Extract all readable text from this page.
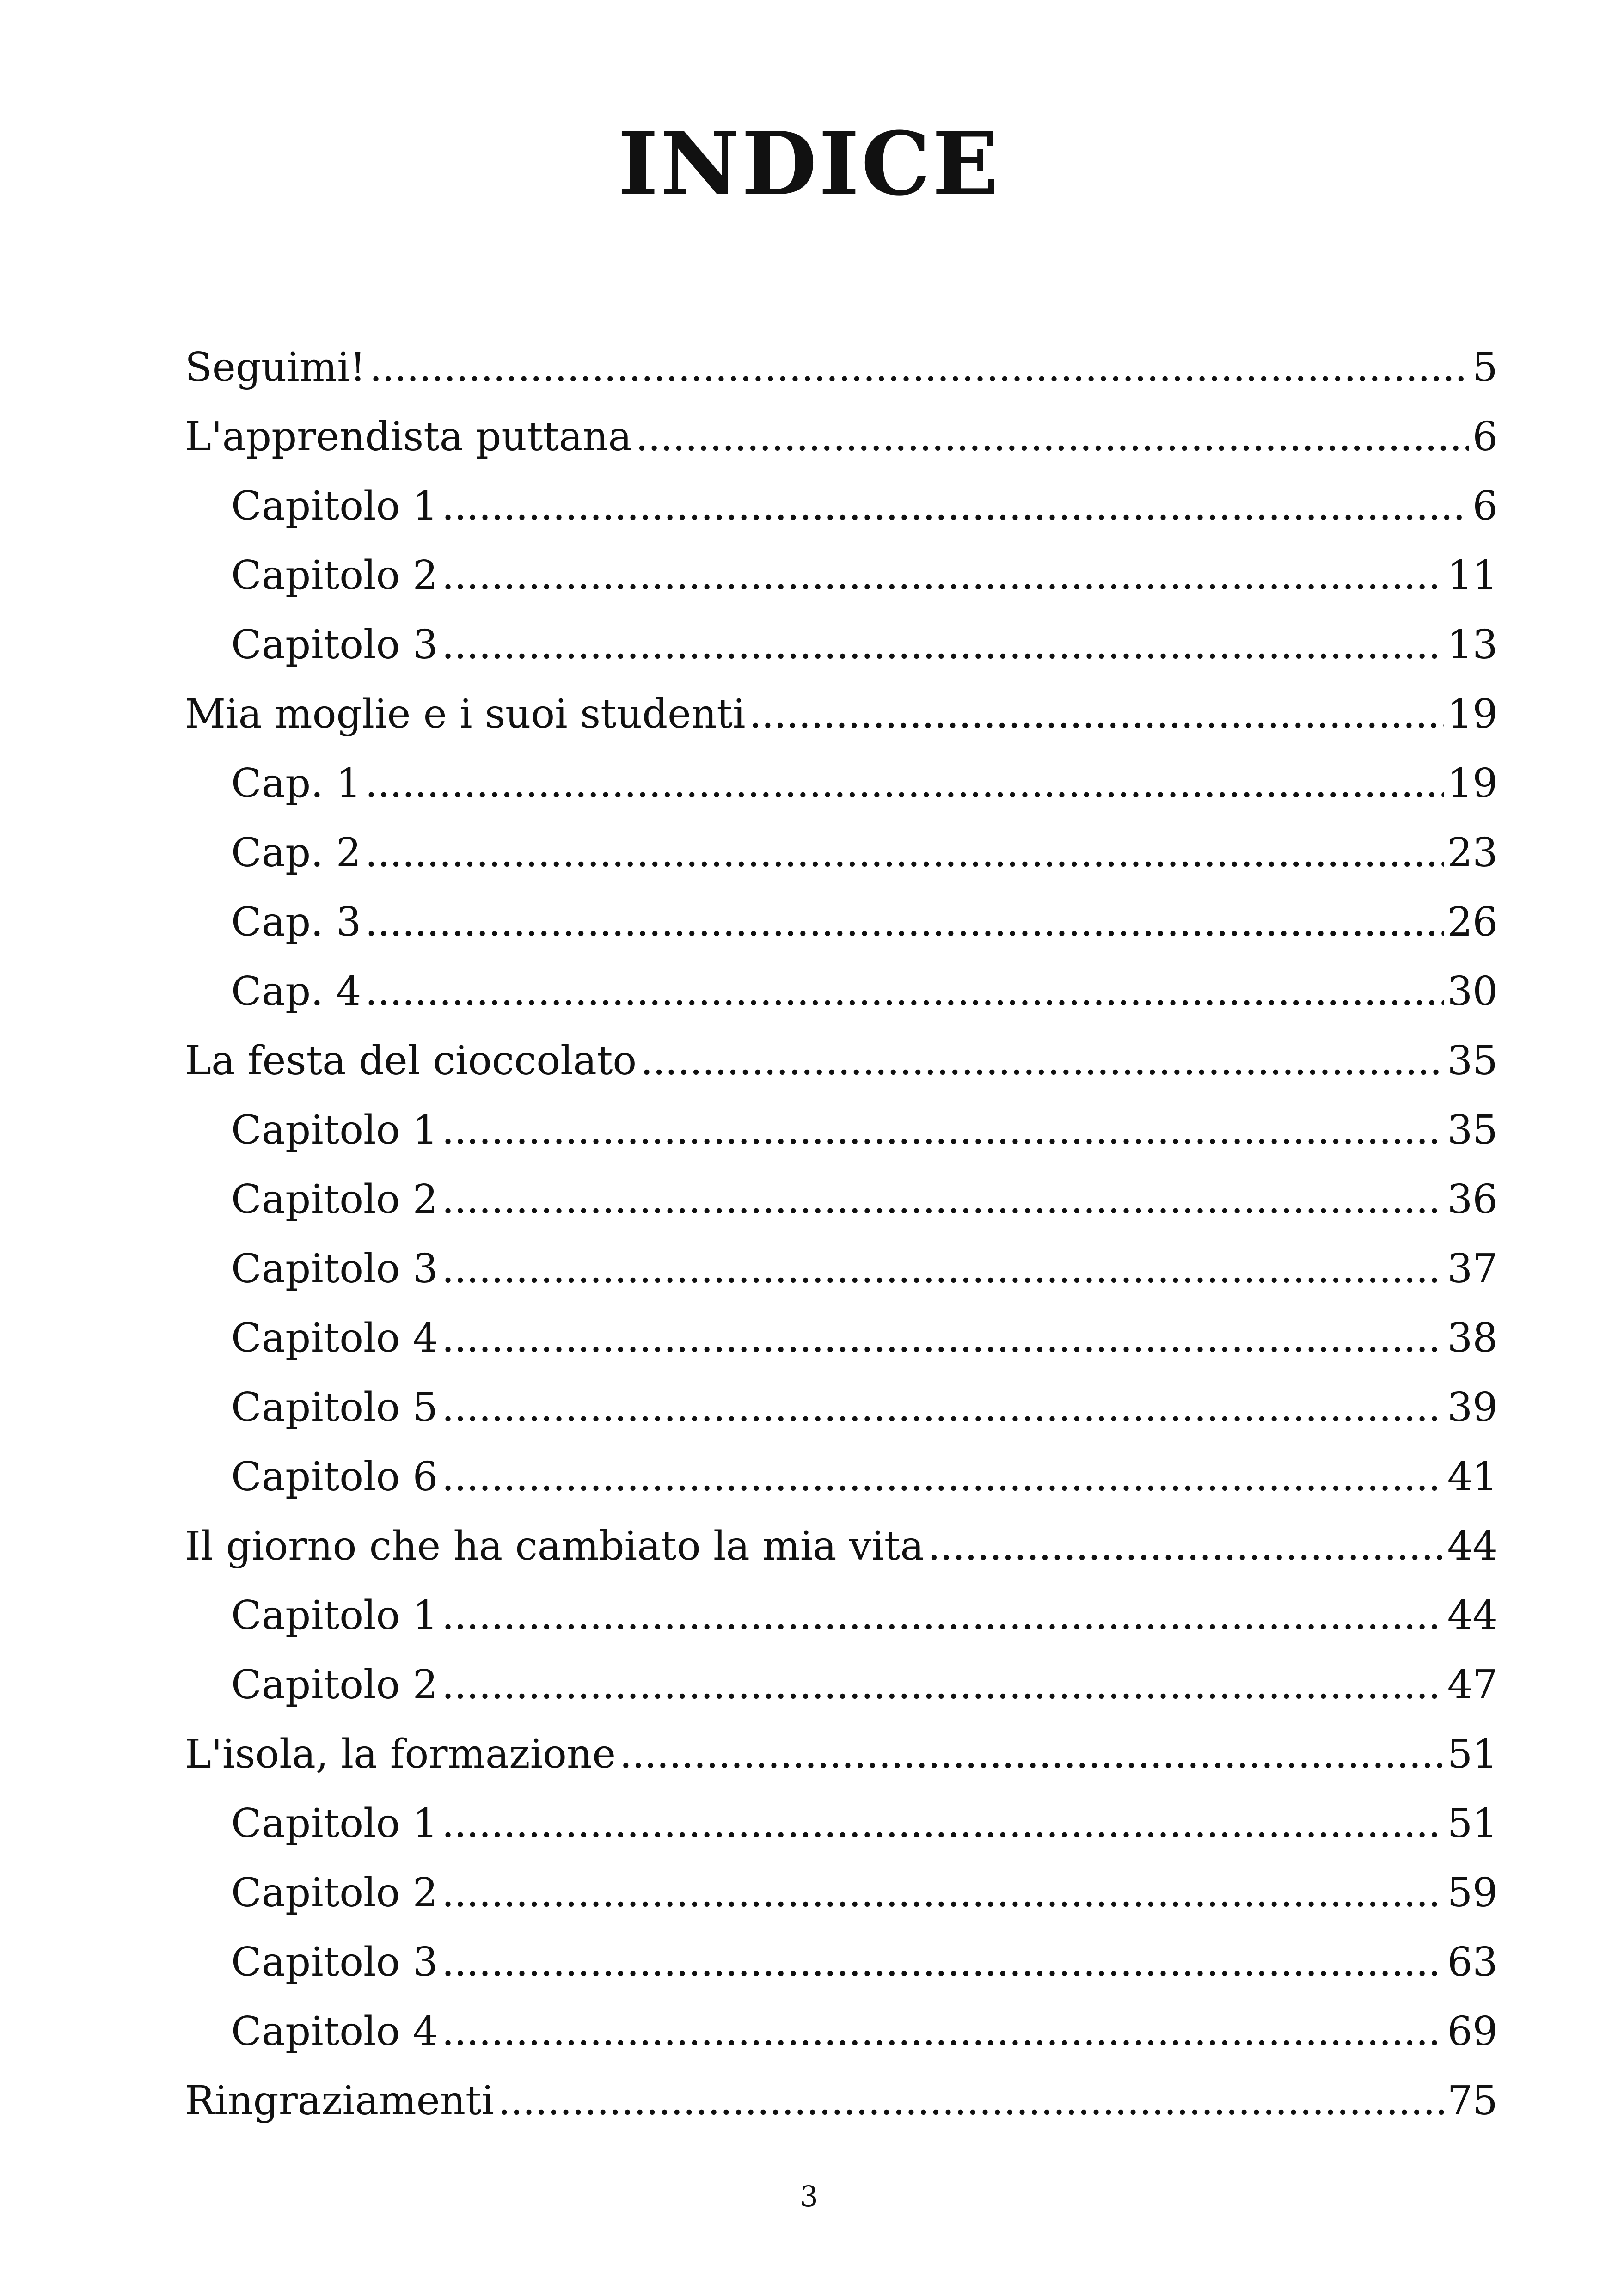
INDICE
Seguimi! . . .	5
L'apprendista puttana . . .	6
Capitolo 1 . . .	6
Capitolo 2 . . .	11
Capitolo 3 . . .	13
Mia moglie e i suoi studenti . . .	19
Cap. 1 . . .	19
Cap. 2 . . .	23
Cap. 3 . . .	26
Cap. 4 . . .	30
La festa del cioccolato . . .	35
Capitolo 1 . . .	35
Capitolo 2 . . .	36
Capitolo 3 . . .	37
Capitolo 4 . . .	38
Capitolo 5 . . .	39
Capitolo 6 . . .	41
Il giorno che ha cambiato la mia vita . . .	44
Capitolo 1 . . .	44
Capitolo 2 . . .	47
L'isola, la formazione . . .	51
Capitolo 1 . . .	51
Capitolo 2 . . .	59
Capitolo 3 . . .	63
Capitolo 4 . . .	69
Ringraziamenti . . .	75
3
